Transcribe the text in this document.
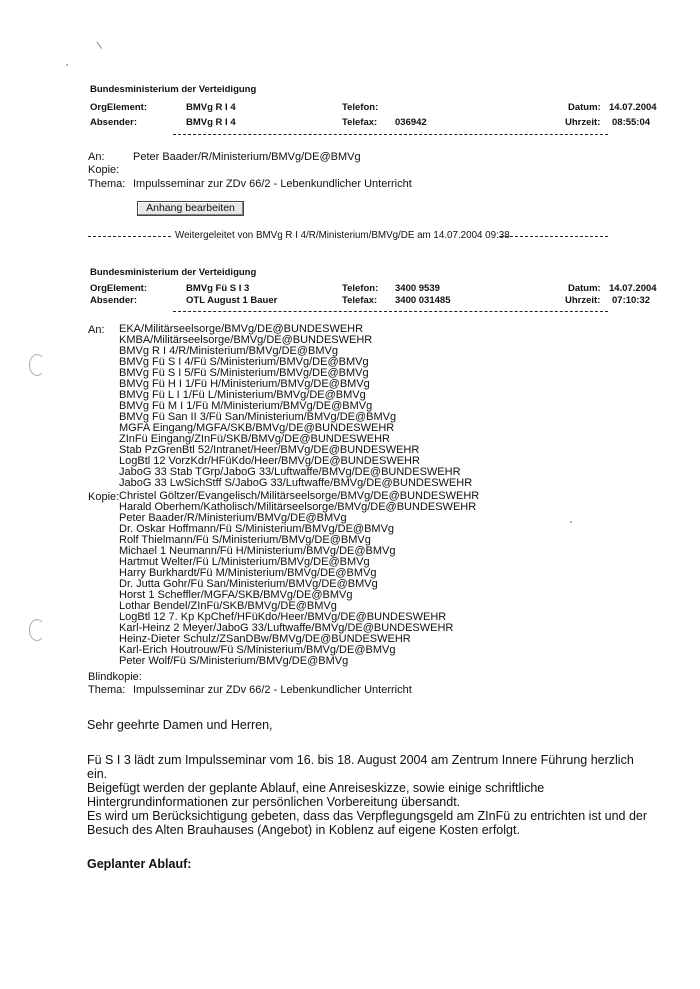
\
Bundesministerium der Verteidigung
OrgElement:	BMVg R I 4	Telefon:	Datum: 14.07.2004
Absender:	BMVg R I 4	Telefax: 036942	Uhrzeit: 08:55:04
An:	Peter Baader/R/Ministerium/BMVg/DE@BMVg
Kopie:
Thema: Impulsseminar zur ZDv 66/2 - Lebenkundlicher Unterricht
Anhang bearbeiten
Weitergeleitet von BMVg R I 4/R/Ministerium/BMVg/DE am 14.07.2004 09:38
Bundesministerium der Verteidigung
OrgElement:	BMVg Fü S I 3	Telefon: 3400 9539	Datum: 14.07.2004
Absender:	OTL August 1 Bauer	Telefax: 3400 031485	Uhrzeit: 07:10:32
An: EKA/Militärseelsorge/BMVg/DE@BUNDESWEHR
KMBA/Militärseelsorge/BMVg/DE@BUNDESWEHR
BMVg R I 4/R/Ministerium/BMVg/DE@BMVg
BMVg Fü S I 4/Fü S/Ministerium/BMVg/DE@BMVg
BMVg Fü S I 5/Fü S/Ministerium/BMVg/DE@BMVg
BMVg Fü H I 1/Fü H/Ministerium/BMVg/DE@BMVg
BMVg Fü L I 1/Fü L/Ministerium/BMVg/DE@BMVg
BMVg Fü M I 1/Fü M/Ministerium/BMVg/DE@BMVg
BMVg Fü San II 3/Fü San/Ministerium/BMVg/DE@BMVg
MGFA Eingang/MGFA/SKB/BMVg/DE@BUNDESWEHR
ZInFü Eingang/ZInFü/SKB/BMVg/DE@BUNDESWEHR
Stab PzGrenBtl 52/Intranet/Heer/BMVg/DE@BUNDESWEHR
LogBtl 12 VorzKdr/HFüKdo/Heer/BMVg/DE@BUNDESWEHR
JaboG 33 Stab TGrp/JaboG 33/Luftwaffe/BMVg/DE@BUNDESWEHR
JaboG 33 LwSichStff S/JaboG 33/Luftwaffe/BMVg/DE@BUNDESWEHR
Kopie: Christel Göltzer/Evangelisch/Militärseelsorge/BMVg/DE@BUNDESWEHR
Harald Oberhem/Katholisch/Militärseelsorge/BMVg/DE@BUNDESWEHR
Peter Baader/R/Ministerium/BMVg/DE@BMVg
Dr. Oskar Hoffmann/Fü S/Ministerium/BMVg/DE@BMVg
Rolf Thielmann/Fü S/Ministerium/BMVg/DE@BMVg
Michael 1 Neumann/Fü H/Ministerium/BMVg/DE@BMVg
Hartmut Welter/Fü L/Ministerium/BMVg/DE@BMVg
Harry Burkhardt/Fü M/Ministerium/BMVg/DE@BMVg
Dr. Jutta Gohr/Fü San/Ministerium/BMVg/DE@BMVg
Horst 1 Scheffler/MGFA/SKB/BMVg/DE@BMVg
Lothar Bendel/ZInFü/SKB/BMVg/DE@BMVg
LogBtl 12 7. Kp KpChef/HFüKdo/Heer/BMVg/DE@BUNDESWEHR
Karl-Heinz 2 Meyer/JaboG 33/Luftwaffe/BMVg/DE@BUNDESWEHR
Heinz-Dieter Schulz/ZSanDBw/BMVg/DE@BUNDESWEHR
Karl-Erich Houtrouw/Fü S/Ministerium/BMVg/DE@BMVg
Peter Wolf/Fü S/Ministerium/BMVg/DE@BMVg
Blindkopie:
Thema: Impulsseminar zur ZDv 66/2 - Lebenkundlicher Unterricht
Sehr geehrte Damen und Herren,
Fü S I 3 lädt zum Impulsseminar vom 16. bis 18. August 2004 am Zentrum Innere Führung herzlich
ein.
Beigefügt werden der geplante Ablauf, eine Anreiseskizze, sowie einige schriftliche
Hintergrundinformationen zur persönlichen Vorbereitung übersandt.
Es wird um Berücksichtigung gebeten, dass das Verpflegungsgeld am ZInFü zu entrichten ist und der
Besuch des Alten Brauhauses (Angebot) in Koblenz auf eigene Kosten erfolgt.
Geplanter Ablauf:
